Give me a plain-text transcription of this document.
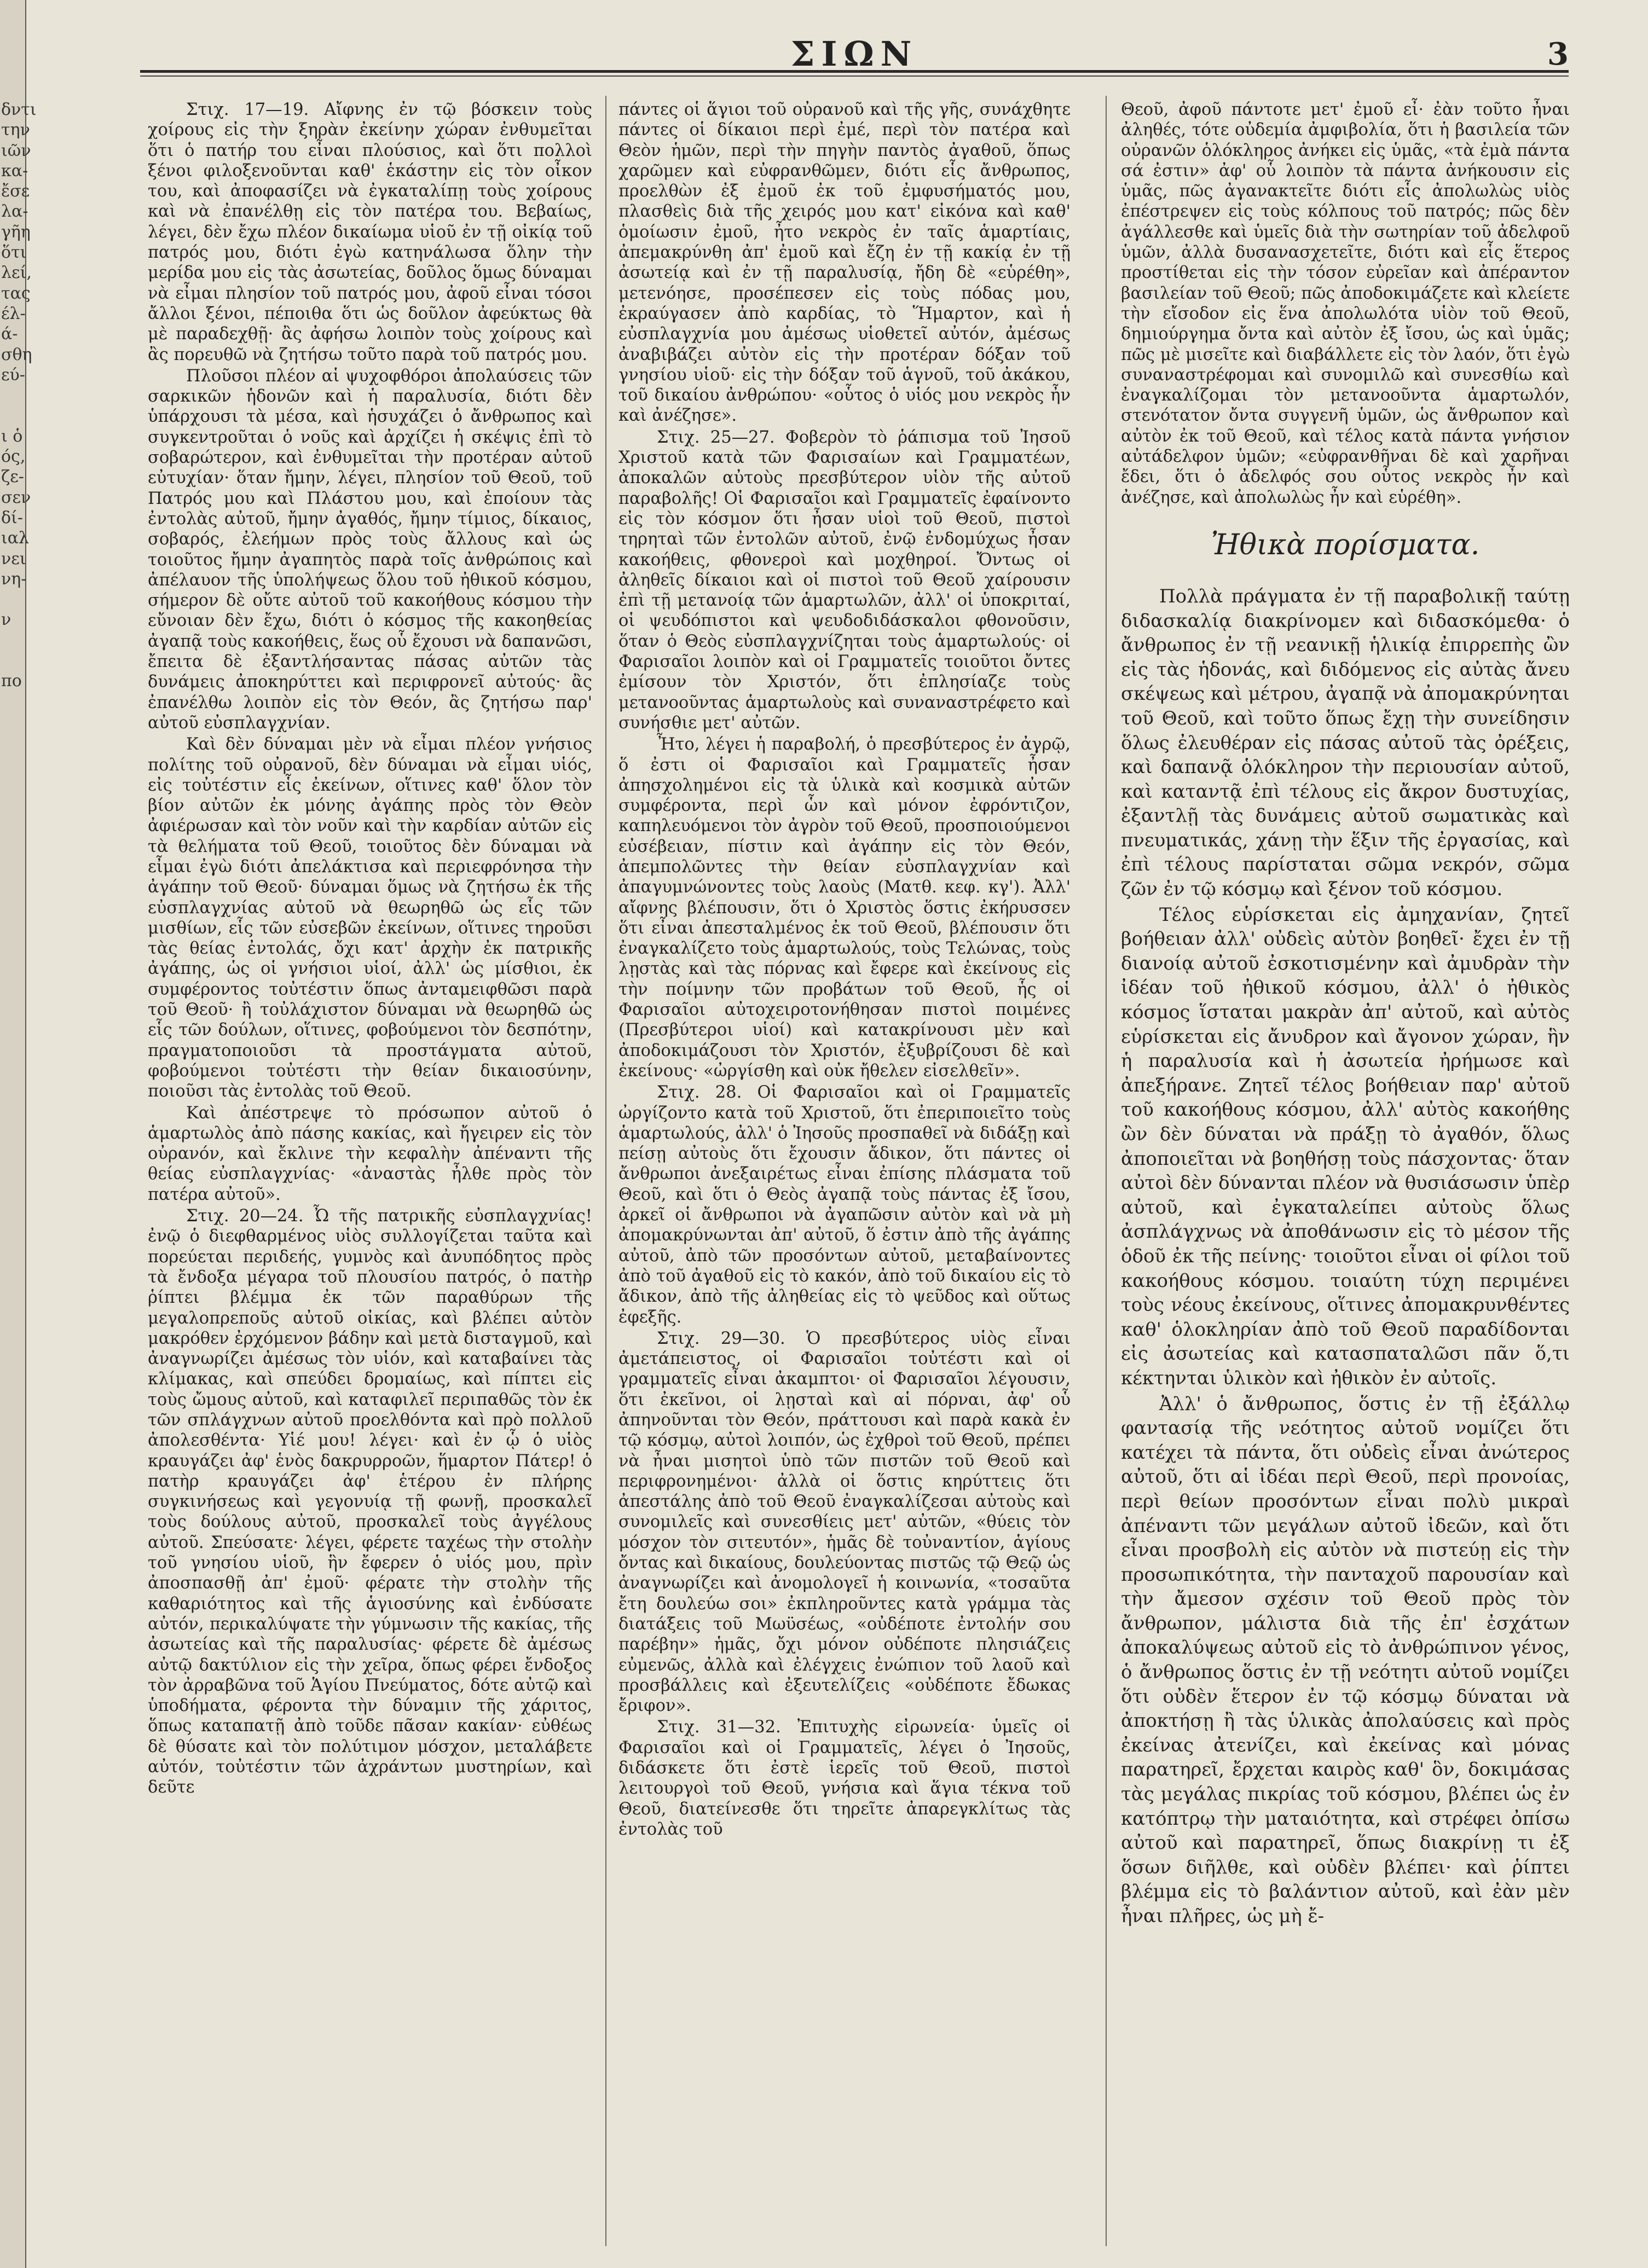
δντι
την
ιῶν
κα-
ἔσε
λα-
γῆη
ὅτι
λεί,
τας
έλ-
ά-
σθη
εύ-

ι ὁ
ός,
ζε-
σεν
δί-
ιαλ
νει
νη-

ν

πο

ΣΙΩΝ	3

Στιχ. 17—19. Αἴφνης ἐν τῷ βόσκειν τοὺς χοίρους εἰς τὴν ξηρὰν ἐκείνην χώραν ἐνθυμεῖται ὅτι ὁ πατήρ του εἶναι πλούσιος, καὶ ὅτι πολλοὶ ξένοι φιλοξενοῦνται καθ' ἑκάστην εἰς τὸν οἶκον του, καὶ ἀποφασίζει νὰ ἐγκαταλίπῃ τοὺς χοίρους καὶ νὰ ἐπανέλθῃ εἰς τὸν πατέρα του. Βεβαίως, λέγει, δὲν ἔχω πλέον δικαίωμα υἱοῦ ἐν τῇ οἰκίᾳ τοῦ πατρός μου, διότι ἐγὼ κατηνάλωσα ὅλην τὴν μερίδα μου εἰς τὰς ἀσωτείας, δοῦλος ὅμως δύναμαι νὰ εἶμαι πλησίον τοῦ πατρός μου, ἀφοῦ εἶναι τόσοι ἄλλοι ξένοι, πέποιθα ὅτι ὡς δοῦλον ἀφεύκτως θὰ μὲ παραδεχθῇ· ἂς ἀφήσω λοιπὸν τοὺς χοίρους καὶ ἂς πορευθῶ νὰ ζητήσω τοῦτο παρὰ τοῦ πατρός μου.

Πλοῦσοι πλέον αἱ ψυχοφθόροι ἀπολαύσεις τῶν σαρκικῶν ἡδονῶν καὶ ἡ παραλυσία, διότι δὲν ὑπάρχουσι τὰ μέσα, καὶ ἡσυχάζει ὁ ἄνθρωπος καὶ συγκεντροῦται ὁ νοῦς καὶ ἀρχίζει ἡ σκέψις ἐπὶ τὸ σοβαρώτερον, καὶ ἐνθυμεῖται τὴν προτέραν αὐτοῦ εὐτυχίαν· ὅταν ἤμην, λέγει, πλησίον τοῦ Θεοῦ, τοῦ Πατρός μου καὶ Πλάστου μου, καὶ ἐποίουν τὰς ἐντολὰς αὐτοῦ, ἤμην ἀγαθός, ἤμην τίμιος, δίκαιος, σοβαρός, ἐλεήμων πρὸς τοὺς ἄλλους καὶ ὡς τοιοῦτος ἤμην ἀγαπητὸς παρὰ τοῖς ἀνθρώποις καὶ ἀπέλαυον τῆς ὑπολήψεως ὅλου τοῦ ἠθικοῦ κόσμου, σήμερον δὲ οὔτε αὐτοῦ τοῦ κακοήθους κόσμου τὴν εὔνοιαν δὲν ἔχω, διότι ὁ κόσμος τῆς κακοηθείας ἀγαπᾷ τοὺς κακοήθεις, ἕως οὗ ἔχουσι νὰ δαπανῶσι, ἔπειτα δὲ ἐξαντλήσαντας πάσας αὐτῶν τὰς δυνάμεις ἀποκηρύττει καὶ περιφρονεῖ αὐτούς· ἂς ἐπανέλθω λοιπὸν εἰς τὸν Θεόν, ἂς ζητήσω παρ' αὐτοῦ εὐσπλαγχνίαν.

Καὶ δὲν δύναμαι μὲν νὰ εἶμαι πλέον γνήσιος πολίτης τοῦ οὐρανοῦ, δὲν δύναμαι νὰ εἶμαι υἱός, εἰς τοὐτέστιν εἷς ἐκείνων, οἵτινες καθ' ὅλον τὸν βίον αὐτῶν ἐκ μόνης ἀγάπης πρὸς τὸν Θεὸν ἀφιέρωσαν καὶ τὸν νοῦν καὶ τὴν καρδίαν αὐτῶν εἰς τὰ θελήματα τοῦ Θεοῦ, τοιοῦτος δὲν δύναμαι νὰ εἶμαι ἐγὼ διότι ἀπελάκτισα καὶ περιεφρόνησα τὴν ἀγάπην τοῦ Θεοῦ· δύναμαι ὅμως νὰ ζητήσω ἐκ τῆς εὐσπλαγχνίας αὐτοῦ νὰ θεωρηθῶ ὡς εἷς τῶν μισθίων, εἷς τῶν εὐσεβῶν ἐκείνων, οἵτινες τηροῦσι τὰς θείας ἐντολάς, ὄχι κατ' ἀρχὴν ἐκ πατρικῆς ἀγάπης, ὡς οἱ γνήσιοι υἱοί, ἀλλ' ὡς μίσθιοι, ἐκ συμφέροντος τοὐτέστιν ὅπως ἀνταμειφθῶσι παρὰ τοῦ Θεοῦ· ἢ τοὐλάχιστον δύναμαι νὰ θεωρηθῶ ὡς εἷς τῶν δούλων, οἵτινες, φοβούμενοι τὸν δεσπότην, πραγματοποιοῦσι τὰ προστάγματα αὐτοῦ, φοβούμενοι τοὐτέστι τὴν θείαν δικαιοσύνην, ποιοῦσι τὰς ἐντολὰς τοῦ Θεοῦ.

Καὶ ἀπέστρεψε τὸ πρόσωπον αὐτοῦ ὁ ἁμαρτωλὸς ἀπὸ πάσης κακίας, καὶ ἤγειρεν εἰς τὸν οὐρανόν, καὶ ἔκλινε τὴν κεφαλὴν ἀπέναντι τῆς θείας εὐσπλαγχνίας· «ἀναστὰς ἦλθε πρὸς τὸν πατέρα αὐτοῦ».

Στιχ. 20—24. Ὦ τῆς πατρικῆς εὐσπλαγχνίας! ἐνῷ ὁ διεφθαρμένος υἱὸς συλλογίζεται ταῦτα καὶ πορεύεται περιδεής, γυμνὸς καὶ ἀνυπόδητος πρὸς τὰ ἔνδοξα μέγαρα τοῦ πλουσίου πατρός, ὁ πατὴρ ῥίπτει βλέμμα ἐκ τῶν παραθύρων τῆς μεγαλοπρεποῦς αὐτοῦ οἰκίας, καὶ βλέπει αὐτὸν μακρόθεν ἐρχόμενον βάδην καὶ μετὰ δισταγμοῦ, καὶ ἀναγνωρίζει ἀμέσως τὸν υἱόν, καὶ καταβαίνει τὰς κλίμακας, καὶ σπεύδει δρομαίως, καὶ πίπτει εἰς τοὺς ὤμους αὐτοῦ, καὶ καταφιλεῖ περιπαθῶς τὸν ἐκ τῶν σπλάγχνων αὐτοῦ προελθόντα καὶ πρὸ πολλοῦ ἀπολεσθέντα· Υἱέ μου! λέγει· καὶ ἐν ᾧ ὁ υἱὸς κραυγάζει ἀφ' ἑνὸς δακρυρροῶν, ἥμαρτον Πάτερ! ὁ πατὴρ κραυγάζει ἀφ' ἑτέρου ἐν πλήρης συγκινήσεως καὶ γεγονυίᾳ τῇ φωνῇ, προσκαλεῖ τοὺς δούλους αὐτοῦ, προσκαλεῖ τοὺς ἀγγέλους αὐτοῦ. Σπεύσατε· λέγει, φέρετε ταχέως τὴν στολὴν τοῦ γνησίου υἱοῦ, ἣν ἔφερεν ὁ υἱός μου, πρὶν ἀποσπασθῇ ἀπ' ἐμοῦ· φέρατε τὴν στολὴν τῆς καθαριότητος καὶ τῆς ἁγιοσύνης καὶ ἐνδύσατε αὐτόν, περικαλύψατε τὴν γύμνωσιν τῆς κακίας, τῆς ἀσωτείας καὶ τῆς παραλυσίας· φέρετε δὲ ἀμέσως αὐτῷ δακτύλιον εἰς τὴν χεῖρα, ὅπως φέρει ἔνδοξος τὸν ἀρραβῶνα τοῦ Ἁγίου Πνεύματος, δότε αὐτῷ καὶ ὑποδήματα, φέροντα τὴν δύναμιν τῆς χάριτος, ὅπως καταπατῇ ἀπὸ τοῦδε πᾶσαν κακίαν· εὐθέως δὲ θύσατε καὶ τὸν πολύτιμον μόσχον, μεταλάβετε αὐτόν, τοὐτέστιν τῶν ἀχράντων μυστηρίων, καὶ δεῦτε

πάντες οἱ ἅγιοι τοῦ οὐρανοῦ καὶ τῆς γῆς, συνάχθητε πάντες οἱ δίκαιοι περὶ ἐμέ, περὶ τὸν πατέρα καὶ Θεὸν ἡμῶν, περὶ τὴν πηγὴν παντὸς ἀγαθοῦ, ὅπως χαρῶμεν καὶ εὐφρανθῶμεν, διότι εἷς ἄνθρωπος, προελθὼν ἐξ ἐμοῦ ἐκ τοῦ ἐμφυσήματός μου, πλασθεὶς διὰ τῆς χειρός μου κατ' εἰκόνα καὶ καθ' ὁμοίωσιν ἐμοῦ, ἦτο νεκρὸς ἐν ταῖς ἁμαρτίαις, ἀπεμακρύνθη ἀπ' ἐμοῦ καὶ ἔζη ἐν τῇ κακίᾳ ἐν τῇ ἀσωτείᾳ καὶ ἐν τῇ παραλυσίᾳ, ἤδη δὲ «εὑρέθη», μετενόησε, προσέπεσεν εἰς τοὺς πόδας μου, ἐκραύγασεν ἀπὸ καρδίας, τὸ Ἥμαρτον, καὶ ἡ εὐσπλαγχνία μου ἀμέσως υἱοθετεῖ αὐτόν, ἀμέσως ἀναβιβάζει αὐτὸν εἰς τὴν προτέραν δόξαν τοῦ γνησίου υἱοῦ· εἰς τὴν δόξαν τοῦ ἁγνοῦ, τοῦ ἀκάκου, τοῦ δικαίου ἀνθρώπου· «οὗτος ὁ υἱός μου νεκρὸς ἦν καὶ ἀνέζησε».

Στιχ. 25—27. Φοβερὸν τὸ ῥάπισμα τοῦ Ἰησοῦ Χριστοῦ κατὰ τῶν Φαρισαίων καὶ Γραμματέων, ἀποκαλῶν αὐτοὺς πρεσβύτερον υἱὸν τῆς αὐτοῦ παραβολῆς! Οἱ Φαρισαῖοι καὶ Γραμματεῖς ἐφαίνοντο εἰς τὸν κόσμον ὅτι ἦσαν υἱοὶ τοῦ Θεοῦ, πιστοὶ τηρηταὶ τῶν ἐντολῶν αὐτοῦ, ἐνῷ ἐνδομύχως ἦσαν κακοήθεις, φθονεροὶ καὶ μοχθηροί. Ὄντως οἱ ἀληθεῖς δίκαιοι καὶ οἱ πιστοὶ τοῦ Θεοῦ χαίρουσιν ἐπὶ τῇ μετανοίᾳ τῶν ἁμαρτωλῶν, ἀλλ' οἱ ὑποκριταί, οἱ ψευδόπιστοι καὶ ψευδοδιδάσκαλοι φθονοῦσιν, ὅταν ὁ Θεὸς εὐσπλαγχνίζηται τοὺς ἁμαρτωλούς· οἱ Φαρισαῖοι λοιπὸν καὶ οἱ Γραμματεῖς τοιοῦτοι ὄντες ἐμίσουν τὸν Χριστόν, ὅτι ἐπλησίαζε τοὺς μετανοοῦντας ἁμαρτωλοὺς καὶ συναναστρέφετο καὶ συνήσθιε μετ' αὐτῶν.

Ἦτο, λέγει ἡ παραβολή, ὁ πρεσβύτερος ἐν ἀγρῷ, ὅ ἐστι οἱ Φαρισαῖοι καὶ Γραμματεῖς ἦσαν ἀπησχολημένοι εἰς τὰ ὑλικὰ καὶ κοσμικὰ αὐτῶν συμφέροντα, περὶ ὧν καὶ μόνον ἐφρόντιζον, καπηλευόμενοι τὸν ἀγρὸν τοῦ Θεοῦ, προσποιούμενοι εὐσέβειαν, πίστιν καὶ ἀγάπην εἰς τὸν Θεόν, ἀπεμπολῶντες τὴν θείαν εὐσπλαγχνίαν καὶ ἀπαγυμνώνοντες τοὺς λαοὺς (Ματθ. κεφ. κγ'). Ἀλλ' αἴφνης βλέπουσιν, ὅτι ὁ Χριστὸς ὅστις ἐκήρυσσεν ὅτι εἶναι ἀπεσταλμένος ἐκ τοῦ Θεοῦ, βλέπουσιν ὅτι ἐναγκαλίζετο τοὺς ἁμαρτωλούς, τοὺς Τελώνας, τοὺς λῃστὰς καὶ τὰς πόρνας καὶ ἔφερε καὶ ἐκείνους εἰς τὴν ποίμνην τῶν προβάτων τοῦ Θεοῦ, ἧς οἱ Φαρισαῖοι αὐτοχειροτονήθησαν πιστοὶ ποιμένες (Πρεσβύτεροι υἱοί) καὶ κατακρίνουσι μὲν καὶ ἀποδοκιμάζουσι τὸν Χριστόν, ἐξυβρίζουσι δὲ καὶ ἐκείνους· «ὠργίσθη καὶ οὐκ ἤθελεν εἰσελθεῖν».

Στιχ. 28. Οἱ Φαρισαῖοι καὶ οἱ Γραμματεῖς ὠργίζοντο κατὰ τοῦ Χριστοῦ, ὅτι ἐπεριποιεῖτο τοὺς ἁμαρτωλούς, ἀλλ' ὁ Ἰησοῦς προσπαθεῖ νὰ διδάξῃ καὶ πείσῃ αὐτοὺς ὅτι ἔχουσιν ἄδικον, ὅτι πάντες οἱ ἄνθρωποι ἀνεξαιρέτως εἶναι ἐπίσης πλάσματα τοῦ Θεοῦ, καὶ ὅτι ὁ Θεὸς ἀγαπᾷ τοὺς πάντας ἐξ ἴσου, ἀρκεῖ οἱ ἄνθρωποι νὰ ἀγαπῶσιν αὐτὸν καὶ νὰ μὴ ἀπομακρύνωνται ἀπ' αὐτοῦ, ὅ ἐστιν ἀπὸ τῆς ἀγάπης αὐτοῦ, ἀπὸ τῶν προσόντων αὐτοῦ, μεταβαίνοντες ἀπὸ τοῦ ἀγαθοῦ εἰς τὸ κακόν, ἀπὸ τοῦ δικαίου εἰς τὸ ἄδικον, ἀπὸ τῆς ἀληθείας εἰς τὸ ψεῦδος καὶ οὕτως ἐφεξῆς.

Στιχ. 29—30. Ὁ πρεσβύτερος υἱὸς εἶναι ἀμετάπειστος, οἱ Φαρισαῖοι τοὐτέστι καὶ οἱ γραμματεῖς εἶναι ἀκαμπτοι· οἱ Φαρισαῖοι λέγουσιν, ὅτι ἐκεῖνοι, οἱ λῃσταὶ καὶ αἱ πόρναι, ἀφ' οὗ ἀπηνοῦνται τὸν Θεόν, πράττουσι καὶ παρὰ κακὰ ἐν τῷ κόσμῳ, αὐτοὶ λοιπόν, ὡς ἐχθροὶ τοῦ Θεοῦ, πρέπει νὰ ἦναι μισητοὶ ὑπὸ τῶν πιστῶν τοῦ Θεοῦ καὶ περιφρονημένοι· ἀλλὰ οἱ ὅστις κηρύττεις ὅτι ἀπεστάλης ἀπὸ τοῦ Θεοῦ ἐναγκαλίζεσαι αὐτοὺς καὶ συνομιλεῖς καὶ συνεσθίεις μετ' αὐτῶν, «θύεις τὸν μόσχον τὸν σιτευτόν», ἡμᾶς δὲ τοὐναντίον, ἁγίους ὄντας καὶ δικαίους, δουλεύοντας πιστῶς τῷ Θεῷ ὡς ἀναγνωρίζει καὶ ἀνομολογεῖ ἡ κοινωνία, «τοσαῦτα ἔτη δουλεύω σοι» ἐκπληροῦντες κατὰ γράμμα τὰς διατάξεις τοῦ Μωϋσέως, «οὐδέποτε ἐντολήν σου παρέβην» ἡμᾶς, ὄχι μόνον οὐδέποτε πλησιάζεις εὐμενῶς, ἀλλὰ καὶ ἐλέγχεις ἐνώπιον τοῦ λαοῦ καὶ προσβάλλεις καὶ ἐξευτελίζεις «οὐδέποτε ἔδωκας ἔριφον».

Στιχ. 31—32. Ἐπιτυχὴς εἰρωνεία· ὑμεῖς οἱ Φαρισαῖοι καὶ οἱ Γραμματεῖς, λέγει ὁ Ἰησοῦς, διδάσκετε ὅτι ἐστὲ ἱερεῖς τοῦ Θεοῦ, πιστοὶ λειτουργοὶ τοῦ Θεοῦ, γνήσια καὶ ἅγια τέκνα τοῦ Θεοῦ, διατείνεσθε ὅτι τηρεῖτε ἀπαρεγκλίτως τὰς ἐντολὰς τοῦ

Θεοῦ, ἀφοῦ πάντοτε μετ' ἐμοῦ εἶ· ἐὰν τοῦτο ἦναι ἀληθές, τότε οὐδεμία ἀμφιβολία, ὅτι ἡ βασιλεία τῶν οὐρανῶν ὁλόκληρος ἀνήκει εἰς ὑμᾶς, «τὰ ἐμὰ πάντα σά ἐστιν» ἀφ' οὗ λοιπὸν τὰ πάντα ἀνήκουσιν εἰς ὑμᾶς, πῶς ἀγανακτεῖτε διότι εἷς ἀπολωλὼς υἱὸς ἐπέστρεψεν εἰς τοὺς κόλπους τοῦ πατρός; πῶς δὲν ἀγάλλεσθε καὶ ὑμεῖς διὰ τὴν σωτηρίαν τοῦ ἀδελφοῦ ὑμῶν, ἀλλὰ δυσανασχετεῖτε, διότι καὶ εἷς ἕτερος προστίθεται εἰς τὴν τόσον εὐρεῖαν καὶ ἀπέραντον βασιλείαν τοῦ Θεοῦ; πῶς ἀποδοκιμάζετε καὶ κλείετε τὴν εἴσοδον εἰς ἕνα ἀπολωλότα υἱὸν τοῦ Θεοῦ, δημιούργημα ὄντα καὶ αὐτὸν ἐξ ἴσου, ὡς καὶ ὑμᾶς; πῶς μὲ μισεῖτε καὶ διαβάλλετε εἰς τὸν λαόν, ὅτι ἐγὼ συναναστρέφομαι καὶ συνομιλῶ καὶ συνεσθίω καὶ ἐναγκαλίζομαι τὸν μετανοοῦντα ἁμαρτωλόν, στενότατον ὄντα συγγενῆ ὑμῶν, ὡς ἄνθρωπον καὶ αὐτὸν ἐκ τοῦ Θεοῦ, καὶ τέλος κατὰ πάντα γνήσιον αὐτάδελφον ὑμῶν; «εὐφρανθῆναι δὲ καὶ χαρῆναι ἔδει, ὅτι ὁ ἀδελφός σου οὗτος νεκρὸς ἦν καὶ ἀνέζησε, καὶ ἀπολωλὼς ἦν καὶ εὑρέθη».

Ἠθικὰ πορίσματα.

Πολλὰ πράγματα ἐν τῇ παραβολικῇ ταύτῃ διδασκαλίᾳ διακρίνομεν καὶ διδασκόμεθα· ὁ ἄνθρωπος ἐν τῇ νεανικῇ ἡλικίᾳ ἐπιρρεπὴς ὢν εἰς τὰς ἡδονάς, καὶ διδόμενος εἰς αὐτὰς ἄνευ σκέψεως καὶ μέτρου, ἀγαπᾷ νὰ ἀπομακρύνηται τοῦ Θεοῦ, καὶ τοῦτο ὅπως ἔχῃ τὴν συνείδησιν ὅλως ἐλευθέραν εἰς πάσας αὐτοῦ τὰς ὀρέξεις, καὶ δαπανᾷ ὁλόκληρον τὴν περιουσίαν αὐτοῦ, καὶ καταντᾷ ἐπὶ τέλους εἰς ἄκρον δυστυχίας, ἐξαντλῇ τὰς δυνάμεις αὐτοῦ σωματικὰς καὶ πνευματικάς, χάνῃ τὴν ἕξιν τῆς ἐργασίας, καὶ ἐπὶ τέλους παρίσταται σῶμα νεκρόν, σῶμα ζῶν ἐν τῷ κόσμῳ καὶ ξένον τοῦ κόσμου.

Τέλος εὑρίσκεται εἰς ἀμηχανίαν, ζητεῖ βοήθειαν ἀλλ' οὐδεὶς αὐτὸν βοηθεῖ· ἔχει ἐν τῇ διανοίᾳ αὐτοῦ ἐσκοτισμένην καὶ ἀμυδρὰν τὴν ἰδέαν τοῦ ἠθικοῦ κόσμου, ἀλλ' ὁ ἠθικὸς κόσμος ἵσταται μακρὰν ἀπ' αὐτοῦ, καὶ αὐτὸς εὑρίσκεται εἰς ἄνυδρον καὶ ἄγονον χώραν, ἣν ἡ παραλυσία καὶ ἡ ἀσωτεία ἠρήμωσε καὶ ἀπεξήρανε. Ζητεῖ τέλος βοήθειαν παρ' αὐτοῦ τοῦ κακοήθους κόσμου, ἀλλ' αὐτὸς κακοήθης ὢν δὲν δύναται νὰ πράξῃ τὸ ἀγαθόν, ὅλως ἀποποιεῖται νὰ βοηθήσῃ τοὺς πάσχοντας· ὅταν αὐτοὶ δὲν δύνανται πλέον νὰ θυσιάσωσιν ὑπὲρ αὐτοῦ, καὶ ἐγκαταλείπει αὐτοὺς ὅλως ἀσπλάγχνως νὰ ἀποθάνωσιν εἰς τὸ μέσον τῆς ὁδοῦ ἐκ τῆς πείνης· τοιοῦτοι εἶναι οἱ φίλοι τοῦ κακοήθους κόσμου. τοιαύτη τύχη περιμένει τοὺς νέους ἐκείνους, οἵτινες ἀπομακρυνθέντες καθ' ὁλοκληρίαν ἀπὸ τοῦ Θεοῦ παραδίδονται εἰς ἀσωτείας καὶ κατασπαταλῶσι πᾶν ὅ,τι κέκτηνται ὑλικὸν καὶ ἠθικὸν ἐν αὐτοῖς.

Ἀλλ' ὁ ἄνθρωπος, ὅστις ἐν τῇ ἐξάλλῳ φαντασίᾳ τῆς νεότητος αὐτοῦ νομίζει ὅτι κατέχει τὰ πάντα, ὅτι οὐδεὶς εἶναι ἀνώτερος αὐτοῦ, ὅτι αἱ ἰδέαι περὶ Θεοῦ, περὶ προνοίας, περὶ θείων προσόντων εἶναι πολὺ μικραὶ ἀπέναντι τῶν μεγάλων αὐτοῦ ἰδεῶν, καὶ ὅτι εἶναι προσβολὴ εἰς αὐτὸν νὰ πιστεύῃ εἰς τὴν προσωπικότητα, τὴν πανταχοῦ παρουσίαν καὶ τὴν ἄμεσον σχέσιν τοῦ Θεοῦ πρὸς τὸν ἄνθρωπον, μάλιστα διὰ τῆς ἐπ' ἐσχάτων ἀποκαλύψεως αὐτοῦ εἰς τὸ ἀνθρώπινον γένος, ὁ ἄνθρωπος ὅστις ἐν τῇ νεότητι αὐτοῦ νομίζει ὅτι οὐδὲν ἕτερον ἐν τῷ κόσμῳ δύναται νὰ ἀποκτήσῃ ἢ τὰς ὑλικὰς ἀπολαύσεις καὶ πρὸς ἐκείνας ἀτενίζει, καὶ ἐκείνας καὶ μόνας παρατηρεῖ, ἔρχεται καιρὸς καθ' ὃν, δοκιμάσας τὰς μεγάλας πικρίας τοῦ κόσμου, βλέπει ὡς ἐν κατόπτρῳ τὴν ματαιότητα, καὶ στρέφει ὀπίσω αὐτοῦ καὶ παρατηρεῖ, ὅπως διακρίνῃ τι ἐξ ὅσων διῆλθε, καὶ οὐδὲν βλέπει· καὶ ῥίπτει βλέμμα εἰς τὸ βαλάντιον αὐτοῦ, καὶ ἐὰν μὲν ἦναι πλῆρες, ὡς μὴ ἔ-
